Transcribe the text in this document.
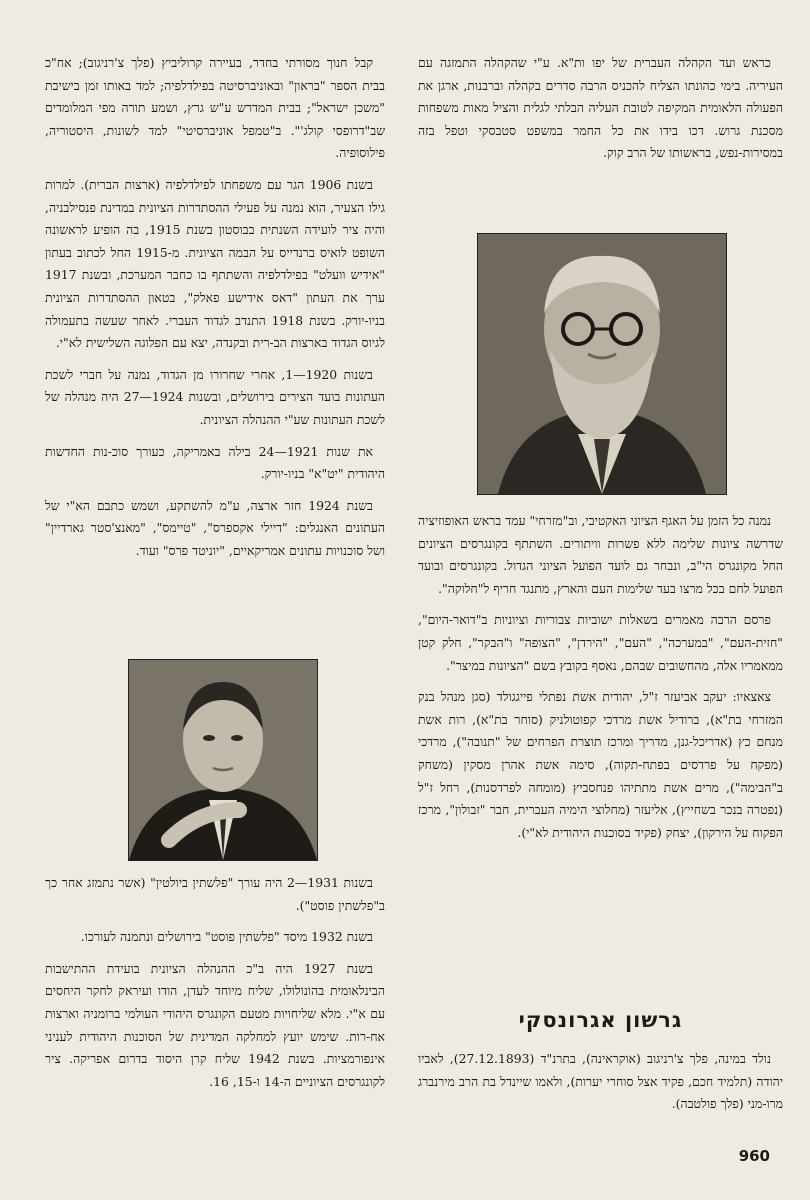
כראש ועד הקהלה העברית של יפו ות"א. ע"י שהקהלה התמזגה עם העיריה. בימי כהונתו הצליח להכניס הרבה סדרים בקהלה וברבנות, ארגן את הפעולה הלאומית המקיפה לטובת העליה הבלתי לגלית והציל מאות משפחות מסכנת גרוש. דכו בידו את כל החמר במשפט סטבסקי וטפל בזה במסירות-נפש, בראשותו של הרב קוק.

נמנה כל הזמן על האגף הציוני האקטיבי, וב"מזרחי" עמד בראש האופוזיציה שדרשה ציונות שלימה ללא פשרות וויתורים. השתתף בקונגרסים הציונים החל מקונגרס הי"ב, ונבחר גם לועד הפועל הציוני הגדול. בקונגרסים ובועד הפועל לחם בכל מרצו בעד שלימות העם והארץ, מתנגד חריף ל"חלוקה".

פרסם הרבה מאמרים בשאלות ישוביות צבוריות וציוניות ב"דואר-היום", "חזית-העם", "במערכה", "העם", "הירדן", "הצופה" ו"הבקר", חלק קטן ממאמריו אלה, מהחשובים שבהם, נאסף בקובץ בשם "הציונות במיצר".

צאצאיו: יעקב אביעזר ז"ל, יהודית אשת נפתלי פייגגולד (סגן מנהל בנק המזרחי בת"א), ברודיל אשת מרדכי קפוטולניק (סוחר בת"א), רות אשת מנחם כץ (אדריכל-גנן, מדריך ומרכז תוצרת הפרחים של "תנובה"), מרדכי (מפקח על פרדסים בפתח-תקוה), סימה אשת אהרן מסקין (משחק ב"הבימה"), מרים אשת מתתיהו פנחסביץ (מומחה לפרדסנות), רחל ז"ל (נפטרה בנכר בשחייץ), אליעזר (מחלוצי הימיה העברית, חבר "זבולון", מרכז הפקוח על הירקון), יצחק (פקיד בסוכנות היהודית לא"י).

גרשון אגרונסקי

נולד במינה, פלך צ'רניגוב (אוקראינה), בתרנ"ד (27.12.1893), לאביו יהודה (תלמיד חכם, פקיד אצל סוחרי יערות), ולאמו שיינדל בת הרב מירנברג מרו-מני (פלך פולטבה).

קבל חנוך מסורתי בחדר, בעיירה קרוליביץ (פלך צ'רניגוב); אח"כ בבית הספר "בראון" ובאוניברסיטה בפילדלפיה; למד באותו זמן בישיבת "משכן ישראל"; בבית המדרש ע"ש גרץ, ושמע תורה מפי המלומדים שב"דרופסי קולג'". ב"טמפל אוניברסיטי" למד לשונות, היסטוריה, פילוסופיה.

בשנת 1906 הגר עם משפחתו לפילדלפיה (ארצות הברית). למרות גילו הצעיר, הוא נמנה על פעילי ההסתדרות הציונית במדינת פנסילבניה, והיה ציר לועידה השנתית בבוסטון בשנת 1915, בה הופיע לראשונה השופט לואיס ברנדייס על הבמה הציונית. מ-1915 החל לכתוב בעתון "אידיש וועלט" בפילדלפיה והשתתף בו כחבר המערכת, ובשנת 1917 ערך את העתון "דאס אידישע פאלק", בטאון ההסתדרות הציונית בניו-יורק. בשנת 1918 התנדב לגדוד העברי. לאחר שעשה בתעמולה לגיוס הגדוד בארצות הב-רית ובקנדה, יצא עם הפלוגה השלישית לא"י.

בשנות 1920—1, אחרי שחרורו מן הגדוד, נמנה על חברי לשכת העתונות בועד הצירים בירושלים, ובשנות 1924—27 היה מנהלה של לשכת העתונות שע"י ההנהלה הציונית.

את שנות 1921—24 בילה באמריקה, כעורך סוכ-נות החדשות היהודית "יט"א" בניו-יורק.

בשנת 1924 חזר ארצה, ע"מ להשתקע, ושמש כתבם הא"י של העתונים האנגלים: "דיילי אקספרס", "טיימס", "מאנצ'סטר גארדיין" ושל סוכנויות עתונים אמריקאיים, "יוניטד פרס" ועוד.

בשנות 1931—2 היה עורך "פלשתין ביולטין" (אשר נתמזג אחר כך ב"פלשתין פוסט").

בשנת 1932 מיסד "פלשתין פוסט" בירושלים ונתמנה לעורכו.

בשנת 1927 היה ב"כ ההנהלה הציונית בועידת ההתישבות הבינלאומית בהונולולו, שליח מיוחד לעדן, הודו ועיראק לחקר היחסים עם א"י. מלא שליחויות מטעם הקונגרס היהודי העולמי ברומניה וארצות אח-רות. שימש יועץ למחלקה המדינית של הסוכנות היהודית לעניני אינפורמציות. בשנת 1942 שליח קרן היסוד בדרום אפריקה. ציר לקונגרסים הציוניים ה-14 ו-15, 16.

960
